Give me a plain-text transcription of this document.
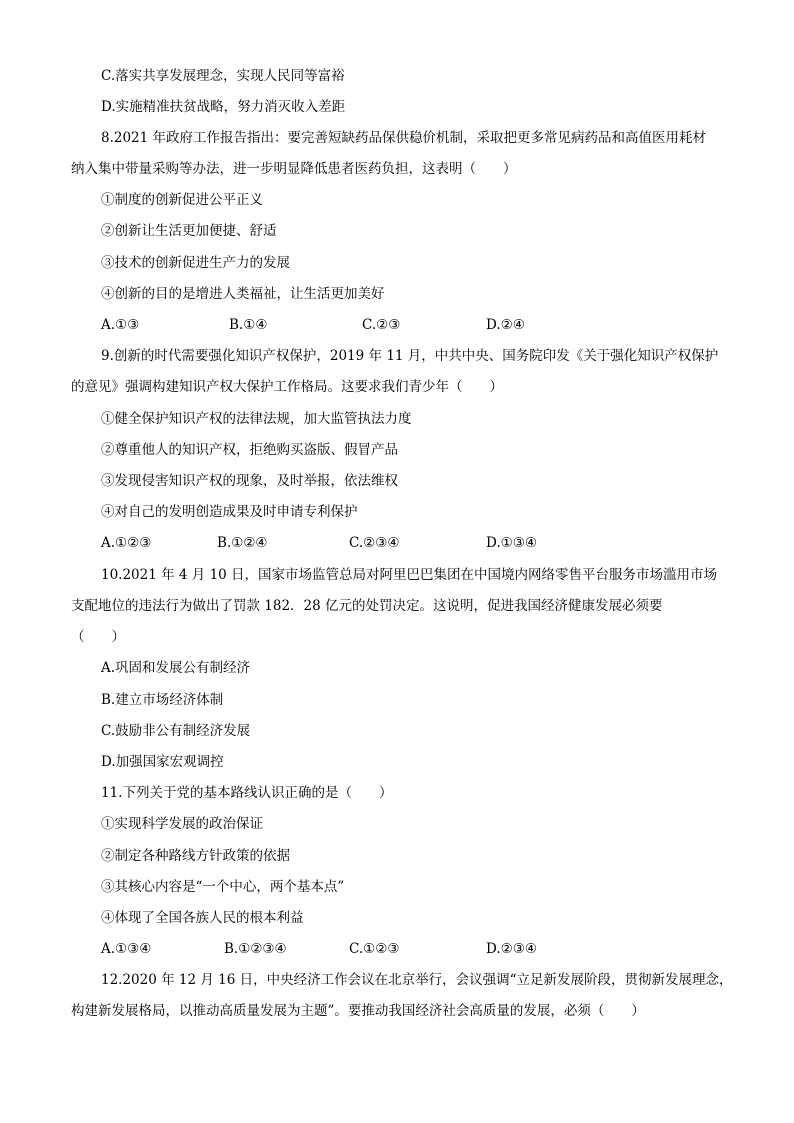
C.落实共享发展理念，实现人民同等富裕
D.实施精准扶贫战略，努力消灭收入差距
8.2021 年政府工作报告指出：要完善短缺药品保供稳价机制，采取把更多常见病药品和高值医用耗材
纳入集中带量采购等办法，进一步明显降低患者医药负担，这表明（　　）
①制度的创新促进公平正义
②创新让生活更加便捷、舒适
③技术的创新促进生产力的发展
④创新的目的是增进人类福祉，让生活更加美好
A.①③	B.①④	C.②③	D.②④
9.创新的时代需要强化知识产权保护，2019 年 11 月，中共中央、国务院印发《关于强化知识产权保护
的意见》强调构建知识产权大保护工作格局。这要求我们青少年（　　）
①健全保护知识产权的法律法规，加大监管执法力度
②尊重他人的知识产权，拒绝购买盗版、假冒产品
③发现侵害知识产权的现象，及时举报，依法维权
④对自己的发明创造成果及时申请专利保护
A.①②③	B.①②④	C.②③④	D.①③④
10.2021 年 4 月 10 日，国家市场监管总局对阿里巴巴集团在中国境内网络零售平台服务市场滥用市场
支配地位的违法行为做出了罚款 182．28 亿元的处罚决定。这说明，促进我国经济健康发展必须要
（　　）
A.巩固和发展公有制经济
B.建立市场经济体制
C.鼓励非公有制经济发展
D.加强国家宏观调控
11.下列关于党的基本路线认识正确的是（　　）
①实现科学发展的政治保证
②制定各种路线方针政策的依据
③其核心内容是“一个中心，两个基本点”
④体现了全国各族人民的根本利益
A.①③④	B.①②③④	C.①②③	D.②③④
12.2020 年 12 月 16 日，中央经济工作会议在北京举行，会议强调“立足新发展阶段，贯彻新发展理念，
构建新发展格局，以推动高质量发展为主题”。要推动我国经济社会高质量的发展，必须（　　）
